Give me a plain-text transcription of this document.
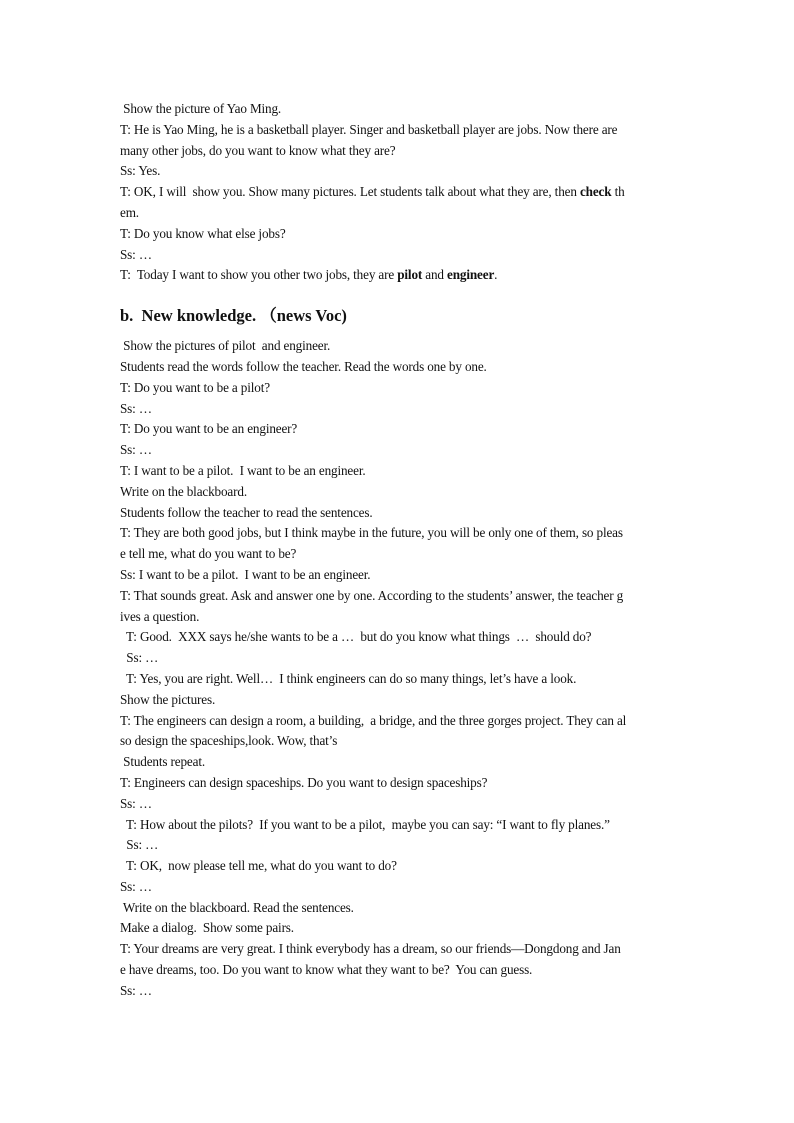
Show the picture of Yao Ming.
T: He is Yao Ming, he is a basketball player. Singer and basketball player are jobs. Now there are
many other jobs, do you want to know what they are?
Ss: Yes.
T: OK, I will  show you. Show many pictures. Let students talk about what they are, then check th
em.
T: Do you know what else jobs?
Ss: …
T:  Today I want to show you other two jobs, they are pilot and engineer.
b.  New knowledge. （news Voc)
Show the pictures of pilot  and engineer.
Students read the words follow the teacher. Read the words one by one.
T: Do you want to be a pilot?
Ss: …
T: Do you want to be an engineer?
Ss: …
T: I want to be a pilot.  I want to be an engineer.
Write on the blackboard.
Students follow the teacher to read the sentences.
T: They are both good jobs, but I think maybe in the future, you will be only one of them, so pleas
e tell me, what do you want to be?
Ss: I want to be a pilot.  I want to be an engineer.
T: That sounds great. Ask and answer one by one. According to the students’ answer, the teacher g
ives a question.
T: Good.  XXX says he/she wants to be a …  but do you know what things  …  should do?
Ss: …
T: Yes, you are right. Well…  I think engineers can do so many things, let’s have a look.
Show the pictures.
T: The engineers can design a room, a building,  a bridge, and the three gorges project. They can al
so design the spaceships,look. Wow, that’s
Students repeat.
T: Engineers can design spaceships. Do you want to design spaceships?
Ss: …
T: How about the pilots?  If you want to be a pilot,  maybe you can say: “I want to fly planes.”
Ss: …
T: OK,  now please tell me, what do you want to do?
Ss: …
Write on the blackboard. Read the sentences.
Make a dialog.  Show some pairs.
T: Your dreams are very great. I think everybody has a dream, so our friends—Dongdong and Jan
e have dreams, too. Do you want to know what they want to be?  You can guess.
Ss: …
